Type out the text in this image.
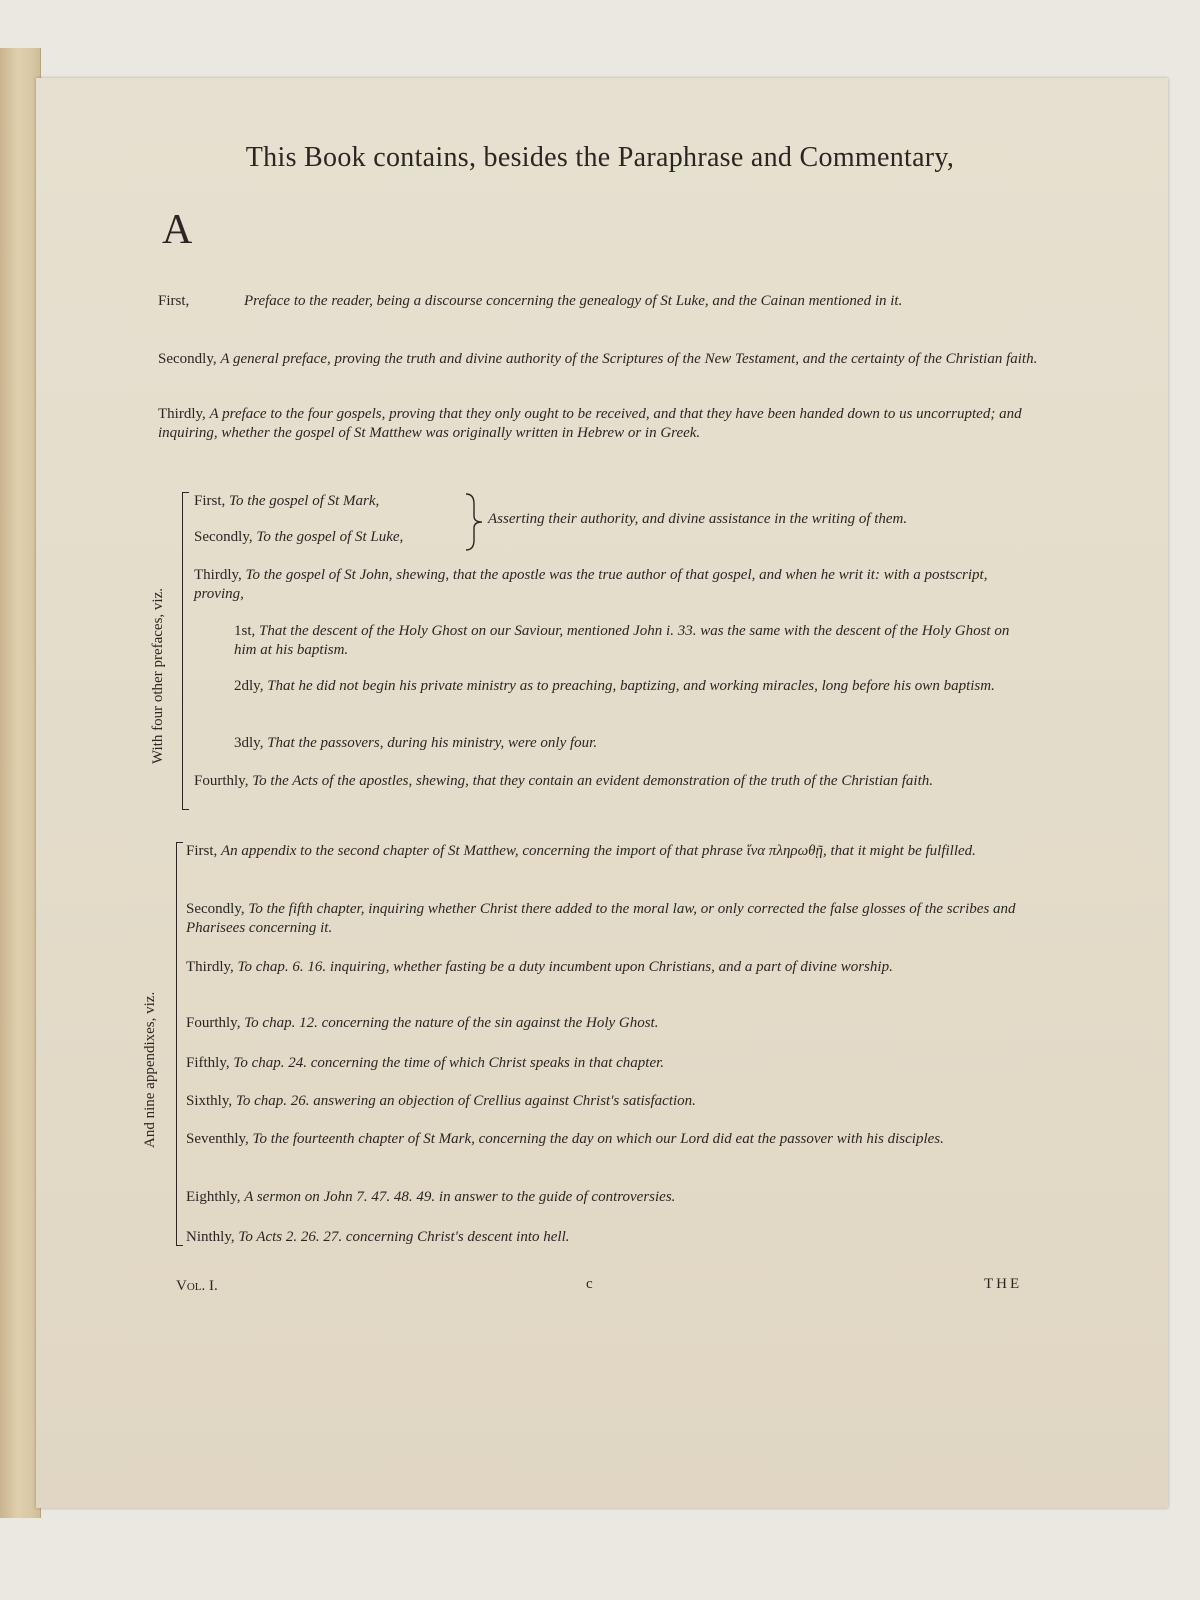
This Book contains, besides the Paraphrase and Commentary,
First,
A
Preface to the reader, being a discourse concerning the genealogy of St Luke, and the Cainan mentioned in it.
Secondly, A general preface, proving the truth and divine authority of the Scriptures of the New Testament, and the certainty of the Christian faith.
Thirdly, A preface to the four gospels, proving that they only ought to be received, and that they have been handed down to us uncorrupted; and inquiring, whether the gospel of St Matthew was originally written in Hebrew or in Greek.
With four other prefaces, viz.
First, To the gospel of St Mark,
Secondly, To the gospel of St Luke,
Asserting their authority, and divine assistance in the writing of them.
Thirdly, To the gospel of St John, shewing, that the apostle was the true author of that gospel, and when he writ it: with a postscript, proving,
1st, That the descent of the Holy Ghost on our Saviour, mentioned John i. 33. was the same with the descent of the Holy Ghost on him at his baptism.
2dly, That he did not begin his private ministry as to preaching, baptizing, and working miracles, long before his own baptism.
3dly, That the passovers, during his ministry, were only four.
Fourthly, To the Acts of the apostles, shewing, that they contain an evident demonstration of the truth of the Christian faith.
And nine appendixes, viz.
First, An appendix to the second chapter of St Matthew, concerning the import of that phrase ἵνα πληρωθῇ, that it might be fulfilled.
Secondly, To the fifth chapter, inquiring whether Christ there added to the moral law, or only corrected the false glosses of the scribes and Pharisees concerning it.
Thirdly, To chap. 6. 16. inquiring, whether fasting be a duty incumbent upon Christians, and a part of divine worship.
Fourthly, To chap. 12. concerning the nature of the sin against the Holy Ghost.
Fifthly, To chap. 24. concerning the time of which Christ speaks in that chapter.
Sixthly, To chap. 26. answering an objection of Crellius against Christ's satisfaction.
Seventhly, To the fourteenth chapter of St Mark, concerning the day on which our Lord did eat the passover with his disciples.
Eighthly, A sermon on John 7. 47. 48. 49. in answer to the guide of controversies.
Ninthly, To Acts 2. 26. 27. concerning Christ's descent into hell.
Vol. I.	c	THE
